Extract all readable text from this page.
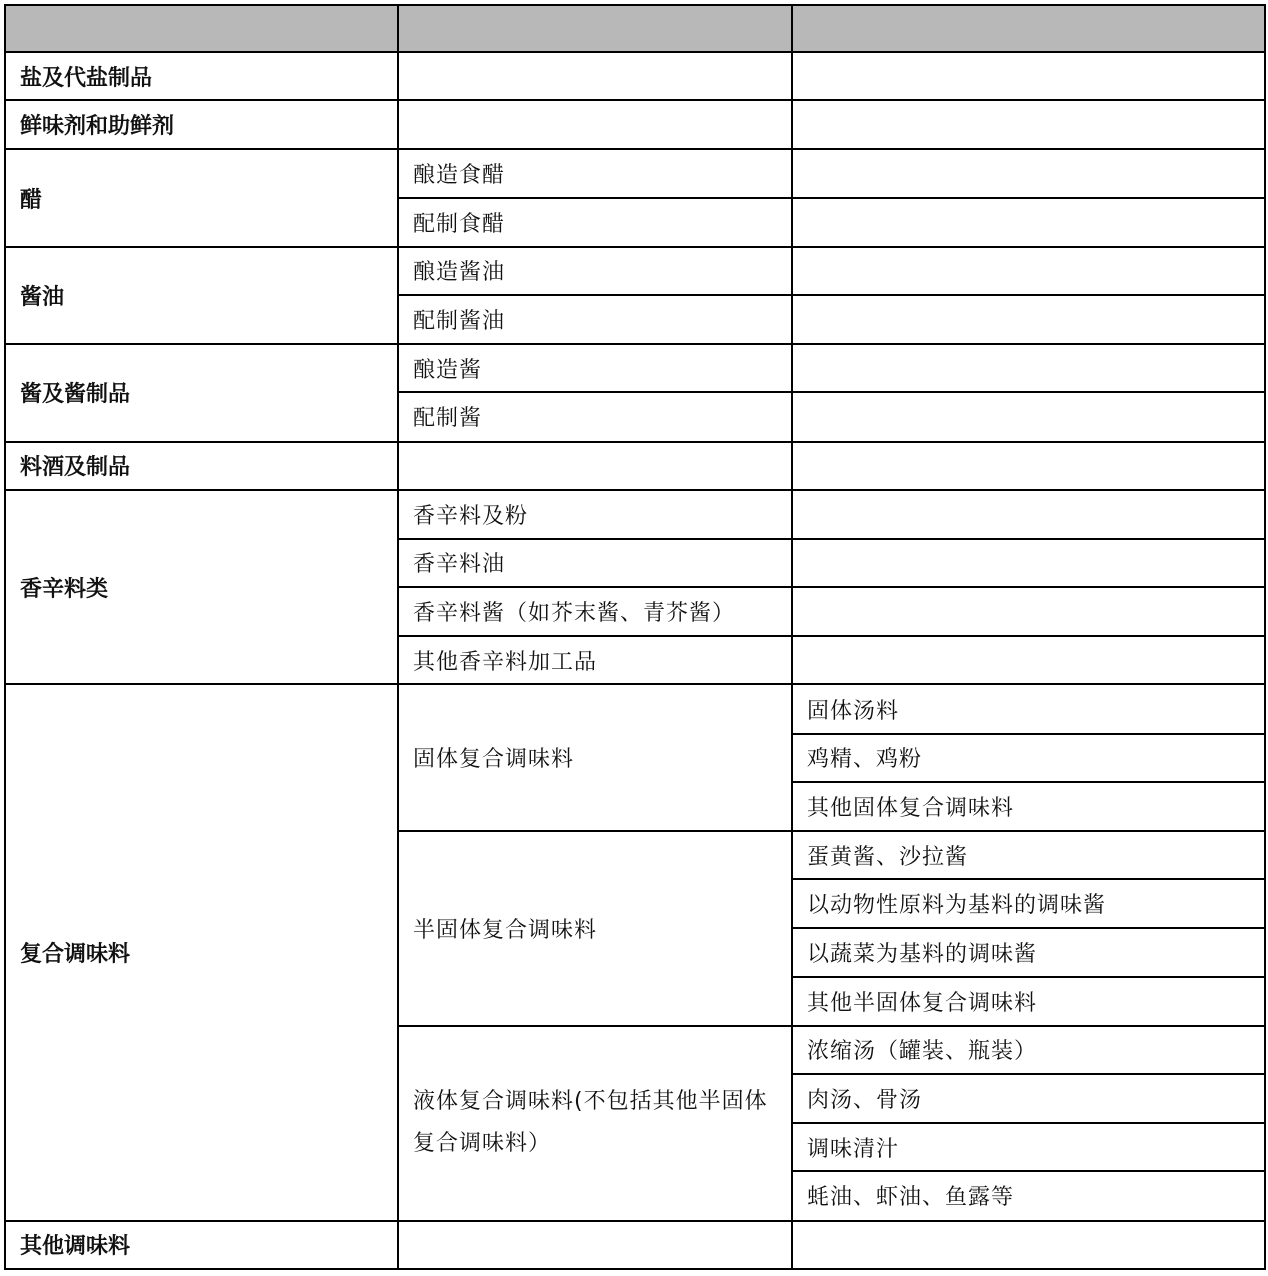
盐及代盐制品		
鲜味剂和助鲜剂		
醋	酿造食醋	
	配制食醋	
酱油	酿造酱油	
	配制酱油	
酱及酱制品	酿造酱	
	配制酱	
料酒及制品		
香辛料类	香辛料及粉	
	香辛料油	
	香辛料酱（如芥末酱、青芥酱）	
	其他香辛料加工品	
复合调味料	固体复合调味料	固体汤料
		鸡精、鸡粉
		其他固体复合调味料
	半固体复合调味料	蛋黄酱、沙拉酱
		以动物性原料为基料的调味酱
		以蔬菜为基料的调味酱
		其他半固体复合调味料
	液体复合调味料(不包括其他半固体复合调味料）	浓缩汤（罐装、瓶装）
		肉汤、骨汤
		调味清汁
		蚝油、虾油、鱼露等
其他调味料		
